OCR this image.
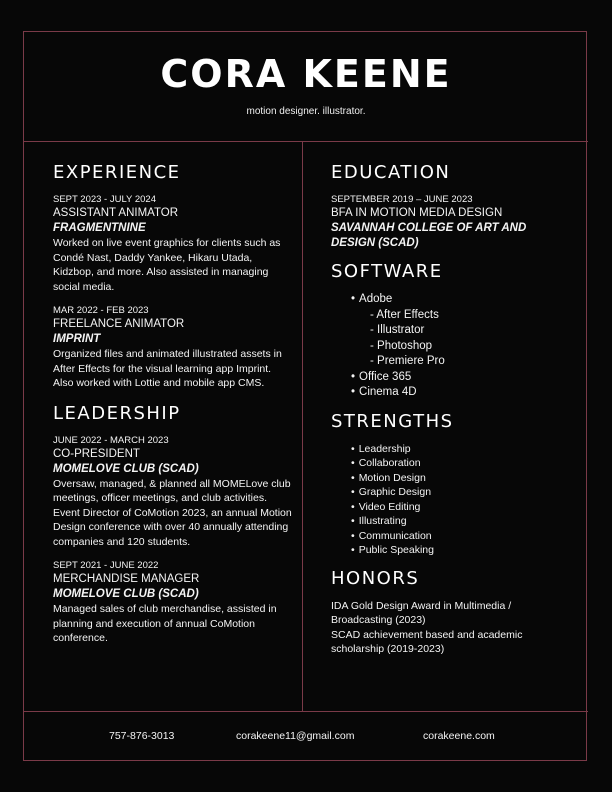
CORA KEENE
motion designer. illustrator.
EXPERIENCE
SEPT 2023 - JULY 2024
ASSISTANT ANIMATOR
FRAGMENTNINE
Worked on live event graphics for clients such as Condé Nast, Daddy Yankee, Hikaru Utada, Kidzbop, and more. Also assisted in managing social media.
MAR 2022 - FEB 2023
FREELANCE ANIMATOR
IMPRINT
Organized files and animated illustrated assets in After Effects for the visual learning app Imprint. Also worked with Lottie and mobile app CMS.
LEADERSHIP
JUNE 2022 - MARCH 2023
CO-PRESIDENT
MOMELOVE CLUB (SCAD)
Oversaw, managed, & planned all MOMELove club meetings, officer meetings, and club activities. Event Director of CoMotion 2023, an annual Motion Design conference with over 40 annually attending companies and 120 students.
SEPT 2021 - JUNE 2022
MERCHANDISE MANAGER
MOMELOVE CLUB (SCAD)
Managed sales of club merchandise, assisted in planning and execution of annual CoMotion conference.
EDUCATION
SEPTEMBER 2019 – JUNE 2023
BFA IN MOTION MEDIA DESIGN
SAVANNAH COLLEGE OF ART AND DESIGN (SCAD)
SOFTWARE
• Adobe
- After Effects
- Illustrator
- Photoshop
- Premiere Pro
• Office 365
• Cinema 4D
STRENGTHS
• Leadership
• Collaboration
• Motion Design
• Graphic Design
• Video Editing
• Illustrating
• Communication
• Public Speaking
HONORS
IDA Gold Design Award in Multimedia / Broadcasting (2023)
SCAD achievement based and academic scholarship (2019-2023)
757-876-3013	corakeene11@gmail.com	corakeene.com
